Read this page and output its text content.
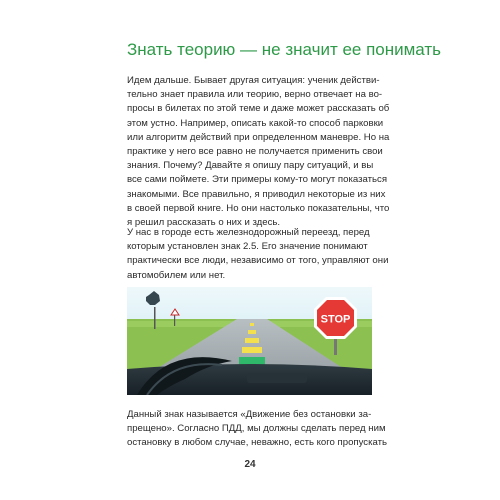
Знать теорию — не значит ее понимать
Идем дальше. Бывает другая ситуация: ученик действи-
тельно знает правила или теорию, верно отвечает на во-
просы в билетах по этой теме и даже может рассказать об
этом устно. Например, описать какой-то способ парковки
или алгоритм действий при определенном маневре. Но на
практике у него все равно не получается применить свои
знания. Почему? Давайте я опишу пару ситуаций, и вы
все сами поймете. Эти примеры кому-то могут показаться
знакомыми. Все правильно, я приводил некоторые из них
в своей первой книге. Но они настолько показательны, что
я решил рассказать о них и здесь.
У нас в городе есть железнодорожный переезд, перед
которым установлен знак 2.5. Его значение понимают
практически все люди, независимо от того, управляют они
автомобилем или нет.
STOP
Данный знак называется «Движение без остановки за-
прещено». Согласно ПДД, мы должны сделать перед ним
остановку в любом случае, неважно, есть кого пропускать
24
